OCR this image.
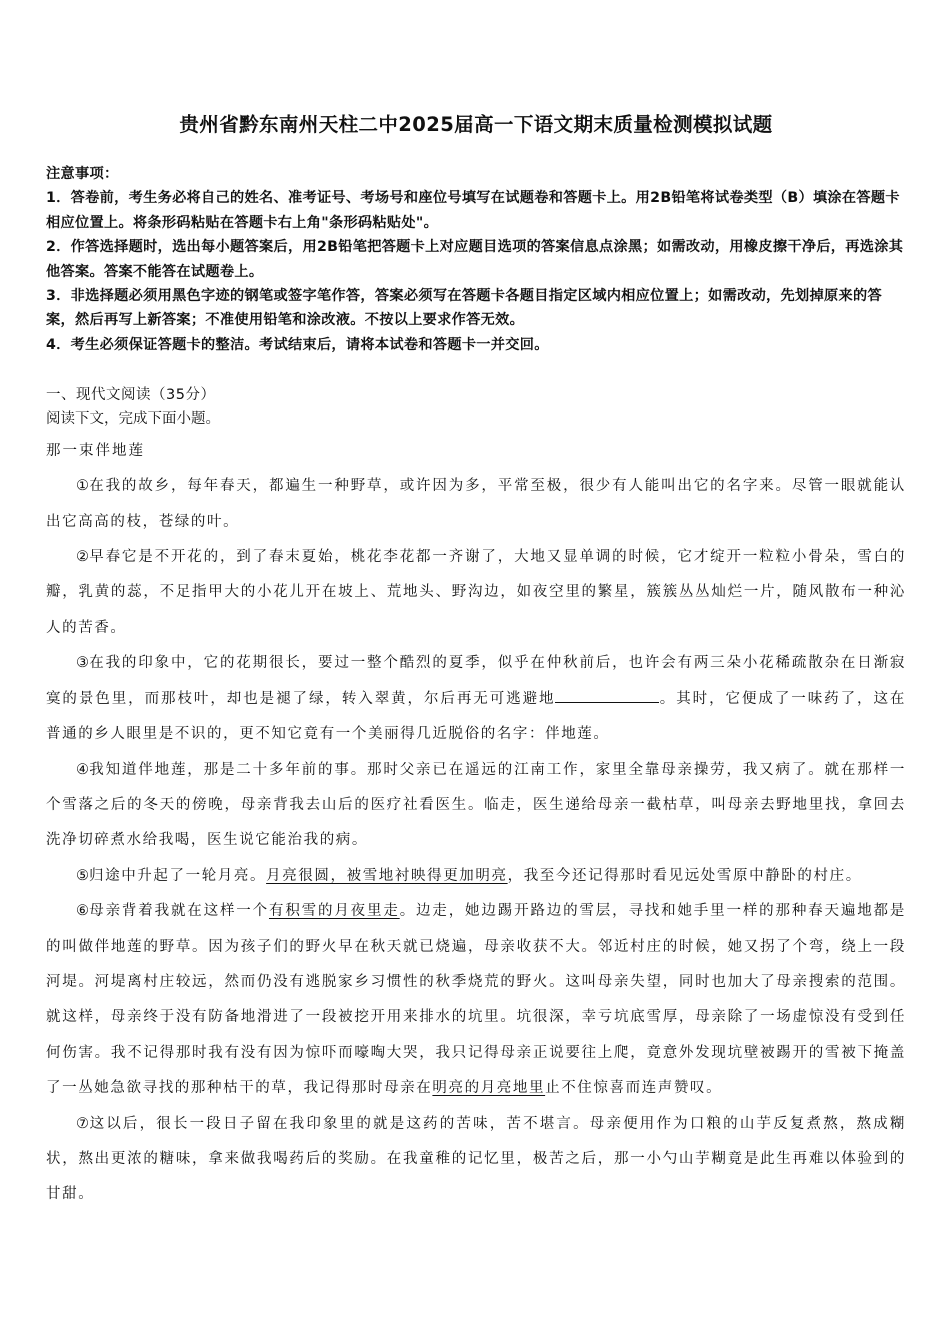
贵州省黔东南州天柱二中2025届高一下语文期末质量检测模拟试题

注意事项：

1．答卷前，考生务必将自己的姓名、准考证号、考场号和座位号填写在试题卷和答题卡上。用2B铅笔将试卷类型（B）填涂在答题卡相应位置上。将条形码粘贴在答题卡右上角"条形码粘贴处"。

2．作答选择题时，选出每小题答案后，用2B铅笔把答题卡上对应题目选项的答案信息点涂黑；如需改动，用橡皮擦干净后，再选涂其他答案。答案不能答在试题卷上。

3．非选择题必须用黑色字迹的钢笔或签字笔作答，答案必须写在答题卡各题目指定区域内相应位置上；如需改动，先划掉原来的答案，然后再写上新答案；不准使用铅笔和涂改液。不按以上要求作答无效。

4．考生必须保证答题卡的整洁。考试结束后，请将本试卷和答题卡一并交回。

一、现代文阅读（35分）
阅读下文，完成下面小题。
那一束伴地莲

①在我的故乡，每年春天，都遍生一种野草，或许因为多，平常至极，很少有人能叫出它的名字来。尽管一眼就能认出它高高的枝，苍绿的叶。

②早春它是不开花的，到了春末夏始，桃花李花都一齐谢了，大地又显单调的时候，它才绽开一粒粒小骨朵，雪白的瓣，乳黄的蕊，不足指甲大的小花儿开在坡上、荒地头、野沟边，如夜空里的繁星，簇簇丛丛灿烂一片，随风散布一种沁人的苦香。

③在我的印象中，它的花期很长，要过一整个酷烈的夏季，似乎在仲秋前后，也许会有两三朵小花稀疏散杂在日渐寂寞的景色里，而那枝叶，却也是褪了绿，转入翠黄，尔后再无可逃避地	。其时，它便成了一味药了，这在普通的乡人眼里是不识的，更不知它竟有一个美丽得几近脱俗的名字：伴地莲。

④我知道伴地莲，那是二十多年前的事。那时父亲已在遥远的江南工作，家里全靠母亲操劳，我又病了。就在那样一个雪落之后的冬天的傍晚，母亲背我去山后的医疗社看医生。临走，医生递给母亲一截枯草，叫母亲去野地里找，拿回去洗净切碎煮水给我喝，医生说它能治我的病。

⑤归途中升起了一轮月亮。月亮很圆，被雪地衬映得更加明亮，我至今还记得那时看见远处雪原中静卧的村庄。

⑥母亲背着我就在这样一个有积雪的月夜里走。边走，她边踢开路边的雪层，寻找和她手里一样的那种春天遍地都是的叫做伴地莲的野草。因为孩子们的野火早在秋天就已烧遍，母亲收获不大。邻近村庄的时候，她又拐了个弯，绕上一段河堤。河堤离村庄较远，然而仍没有逃脱家乡习惯性的秋季烧荒的野火。这叫母亲失望，同时也加大了母亲搜索的范围。就这样，母亲终于没有防备地滑进了一段被挖开用来排水的坑里。坑很深，幸亏坑底雪厚，母亲除了一场虚惊没有受到任何伤害。我不记得那时我有没有因为惊吓而嚎啕大哭，我只记得母亲正说要往上爬，竟意外发现坑壁被踢开的雪被下掩盖了一丛她急欲寻找的那种枯干的草，我记得那时母亲在明亮的月亮地里止不住惊喜而连声赞叹。

⑦这以后，很长一段日子留在我印象里的就是这药的苦味，苦不堪言。母亲便用作为口粮的山芋反复煮熬，熬成糊状，熬出更浓的糖味，拿来做我喝药后的奖励。在我童稚的记忆里，极苦之后，那一小勺山芋糊竟是此生再难以体验到的甘甜。
